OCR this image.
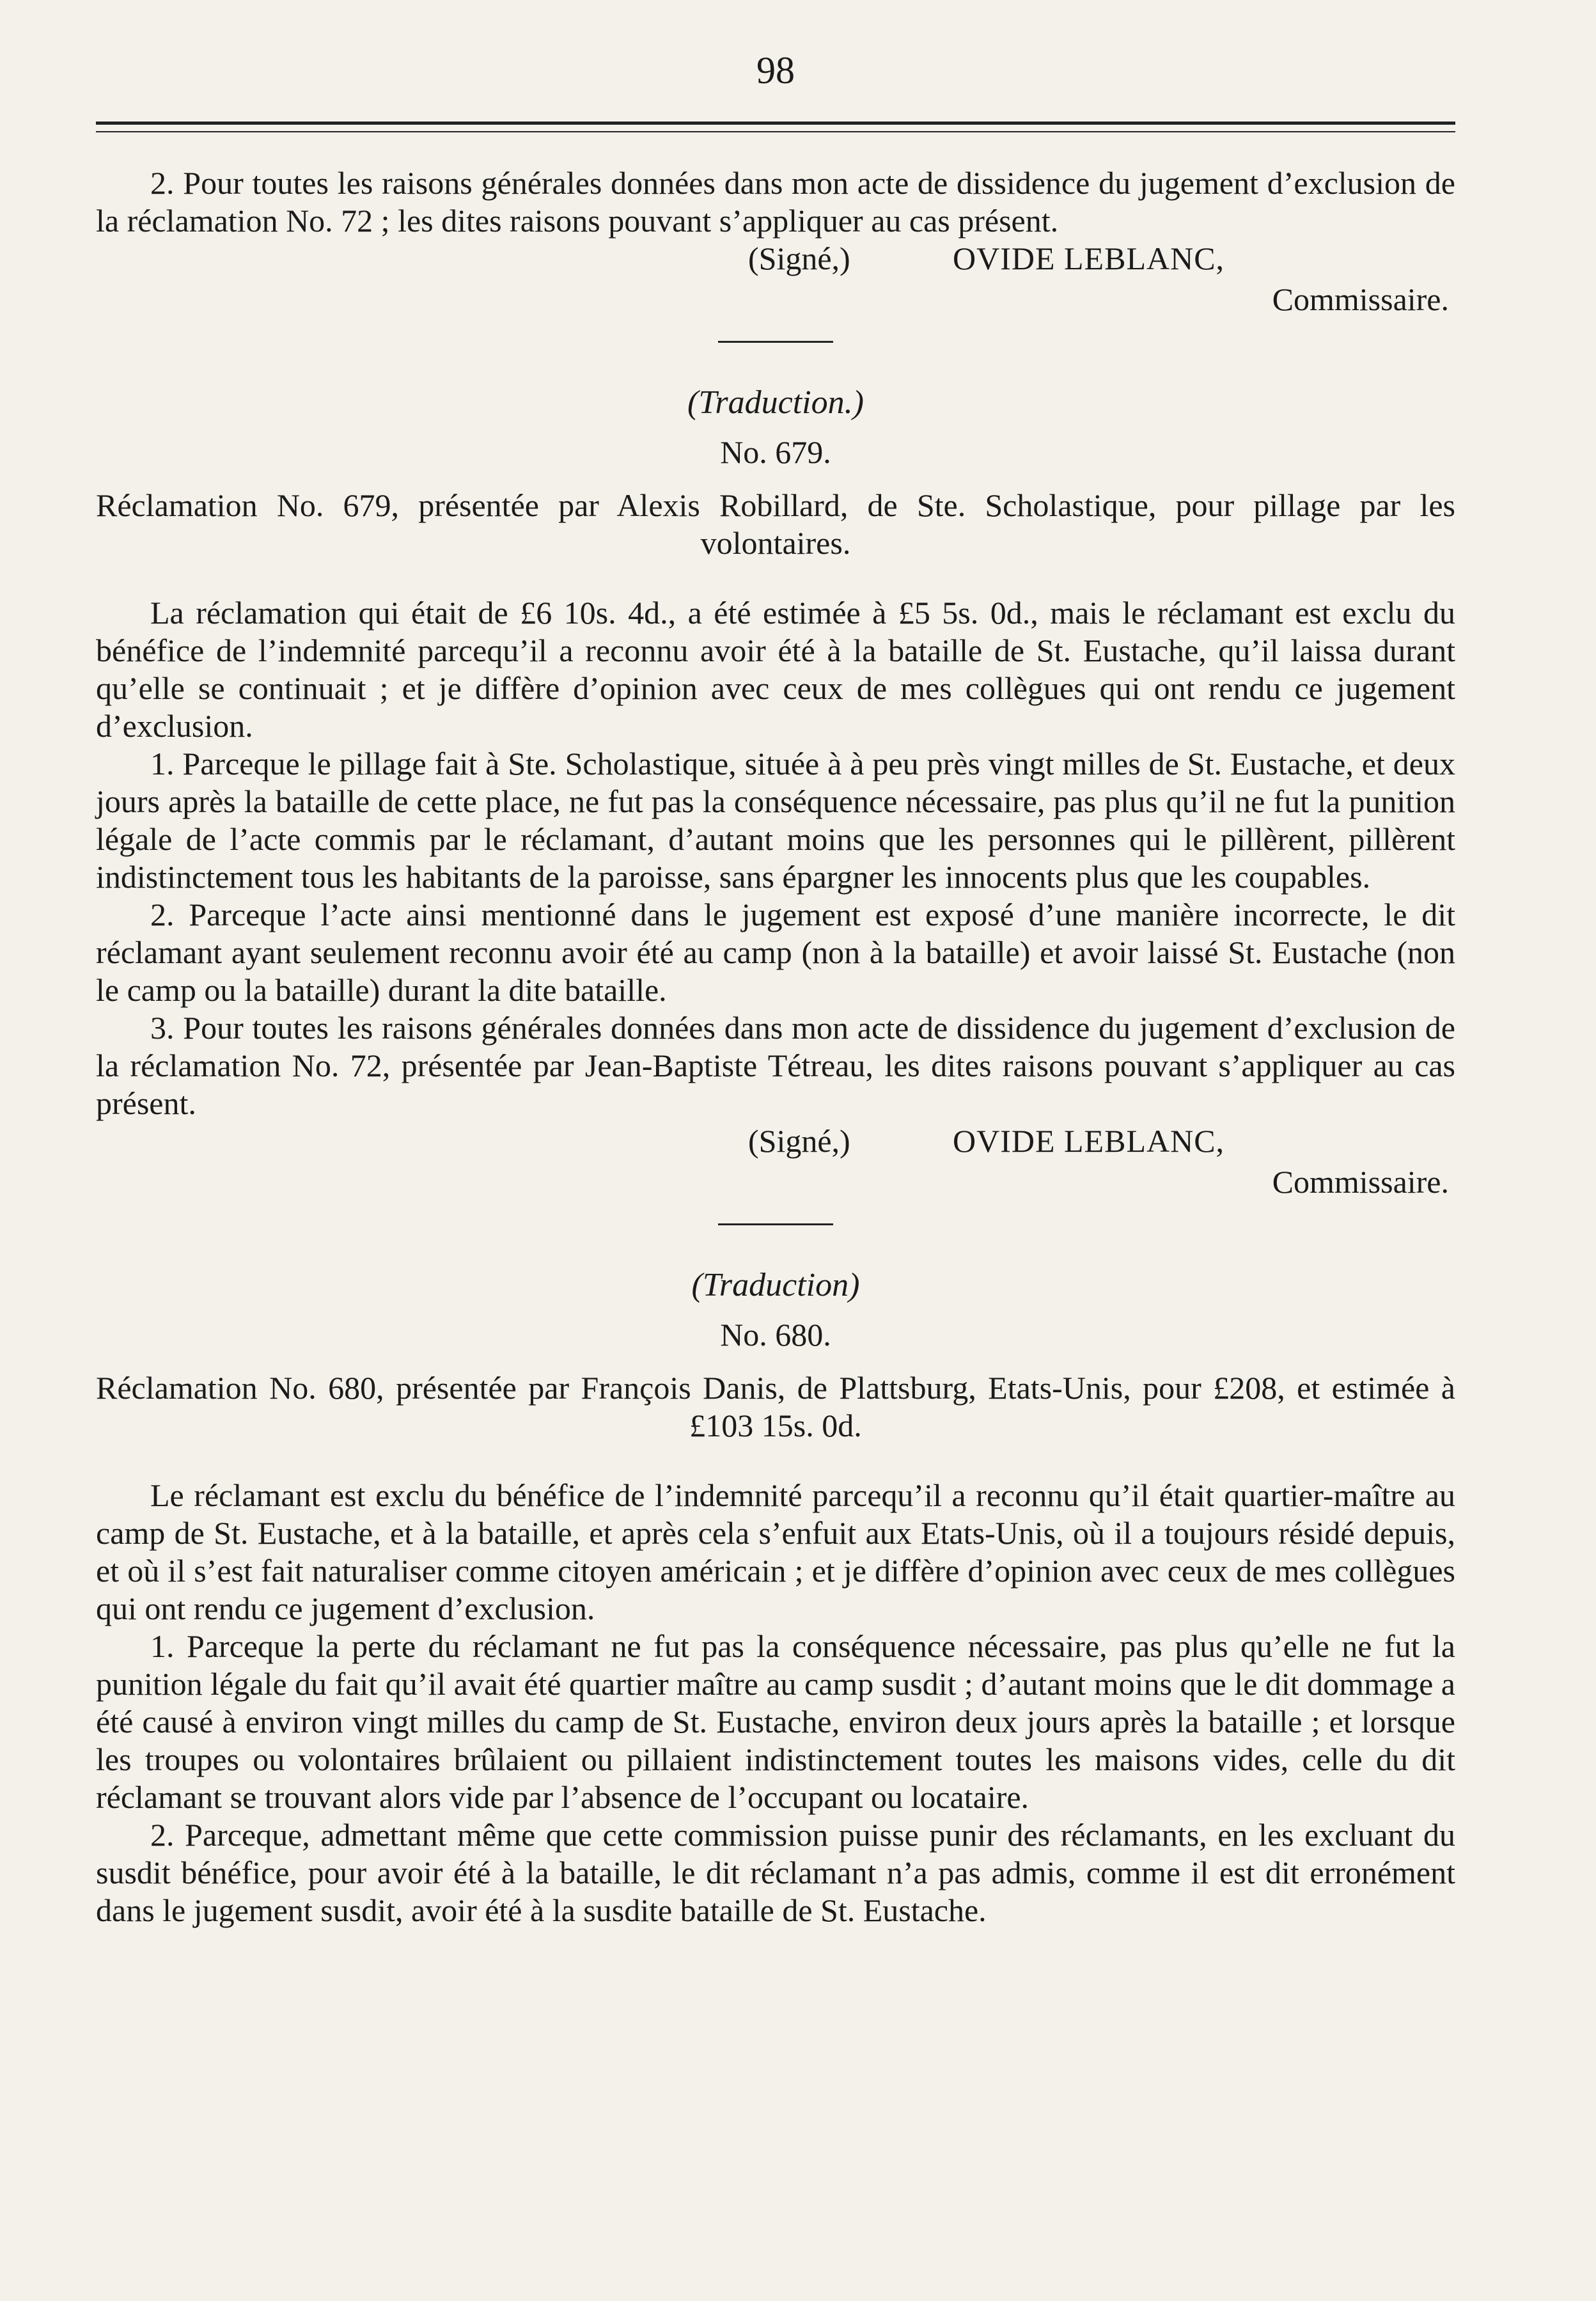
98

2. Pour toutes les raisons générales données dans mon acte de dissidence du jugement d’exclusion de la réclamation No. 72 ; les dites raisons pouvant s’appliquer au cas présent.

(Signé,)	OVIDE LEBLANC,
Commissaire.
(Traduction.)
No. 679.

Réclamation No. 679, présentée par Alexis Robillard, de Ste. Scholastique, pour pillage par les volontaires.

La réclamation qui était de £6 10s. 4d., a été estimée à £5 5s. 0d., mais le réclamant est exclu du bénéfice de l’indemnité parcequ’il a reconnu avoir été à la bataille de St. Eustache, qu’il laissa durant qu’elle se continuait ; et je diffère d’opinion avec ceux de mes collègues qui ont rendu ce jugement d’exclusion.

1. Parceque le pillage fait à Ste. Scholastique, située à à peu près vingt milles de St. Eustache, et deux jours après la bataille de cette place, ne fut pas la conséquence nécessaire, pas plus qu’il ne fut la punition légale de l’acte commis par le réclamant, d’autant moins que les personnes qui le pillèrent, pillèrent indistinctement tous les habitants de la paroisse, sans épargner les innocents plus que les coupables.

2. Parceque l’acte ainsi mentionné dans le jugement est exposé d’une manière incorrecte, le dit réclamant ayant seulement reconnu avoir été au camp (non à la bataille) et avoir laissé St. Eustache (non le camp ou la bataille) durant la dite bataille.

3. Pour toutes les raisons générales données dans mon acte de dissidence du jugement d’exclusion de la réclamation No. 72, présentée par Jean-Baptiste Tétreau, les dites raisons pouvant s’appliquer au cas présent.

(Signé,)	OVIDE LEBLANC,
Commissaire.
(Traduction)
No. 680.

Réclamation No. 680, présentée par François Danis, de Plattsburg, Etats-Unis, pour £208, et estimée à £103 15s. 0d.

Le réclamant est exclu du bénéfice de l’indemnité parcequ’il a reconnu qu’il était quartier-maître au camp de St. Eustache, et à la bataille, et après cela s’enfuit aux Etats-Unis, où il a toujours résidé depuis, et où il s’est fait naturaliser comme citoyen américain ; et je diffère d’opinion avec ceux de mes collègues qui ont rendu ce jugement d’exclusion.

1. Parceque la perte du réclamant ne fut pas la conséquence nécessaire, pas plus qu’elle ne fut la punition légale du fait qu’il avait été quartier maître au camp susdit ; d’autant moins que le dit dommage a été causé à environ vingt milles du camp de St. Eustache, environ deux jours après la bataille ; et lorsque les troupes ou volontaires brûlaient ou pillaient indistinctement toutes les maisons vides, celle du dit réclamant se trouvant alors vide par l’absence de l’occupant ou locataire.

2. Parceque, admettant même que cette commission puisse punir des réclamants, en les excluant du susdit bénéfice, pour avoir été à la bataille, le dit réclamant n’a pas admis, comme il est dit erronément dans le jugement susdit, avoir été à la susdite bataille de St. Eustache.
